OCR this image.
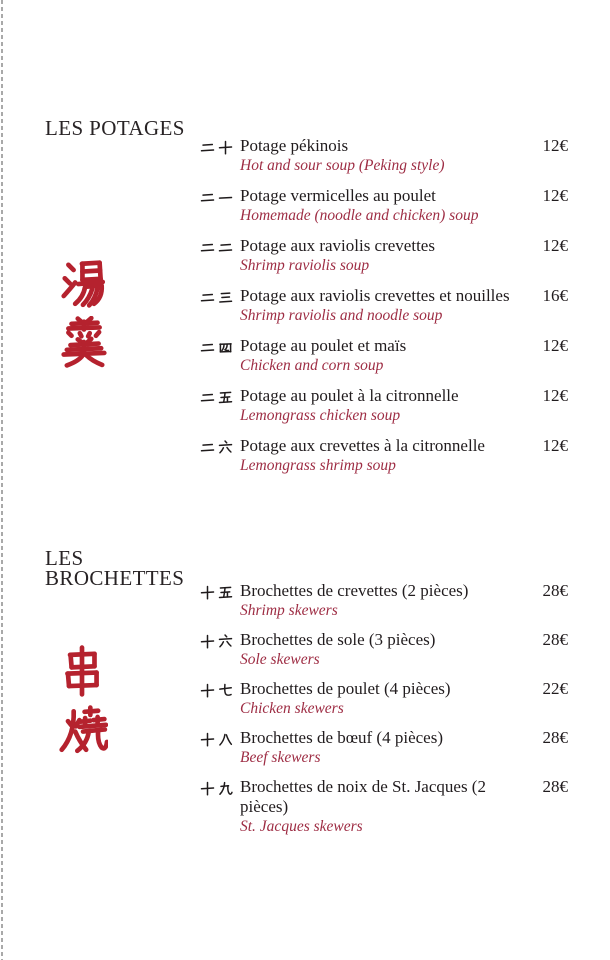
LES POTAGES
Potage pékinois	12€
Hot and sour soup (Peking style)
Potage vermicelles au poulet	12€
Homemade (noodle and chicken) soup
Potage aux raviolis crevettes	12€
Shrimp raviolis soup
Potage aux raviolis crevettes et nouilles	16€
Shrimp raviolis and noodle soup
Potage au poulet et maïs	12€
Chicken and corn soup
Potage au poulet à la citronnelle	12€
Lemongrass chicken soup
Potage aux crevettes à la citronnelle	12€
Lemongrass shrimp soup
LES BROCHETTES
Brochettes de crevettes (2 pièces)	28€
Shrimp skewers
Brochettes de sole (3 pièces)	28€
Sole skewers
Brochettes de poulet (4 pièces)	22€
Chicken skewers
Brochettes de bœuf (4 pièces)	28€
Beef skewers
Brochettes de noix de St. Jacques (2 pièces)
28€
St. Jacques skewers
